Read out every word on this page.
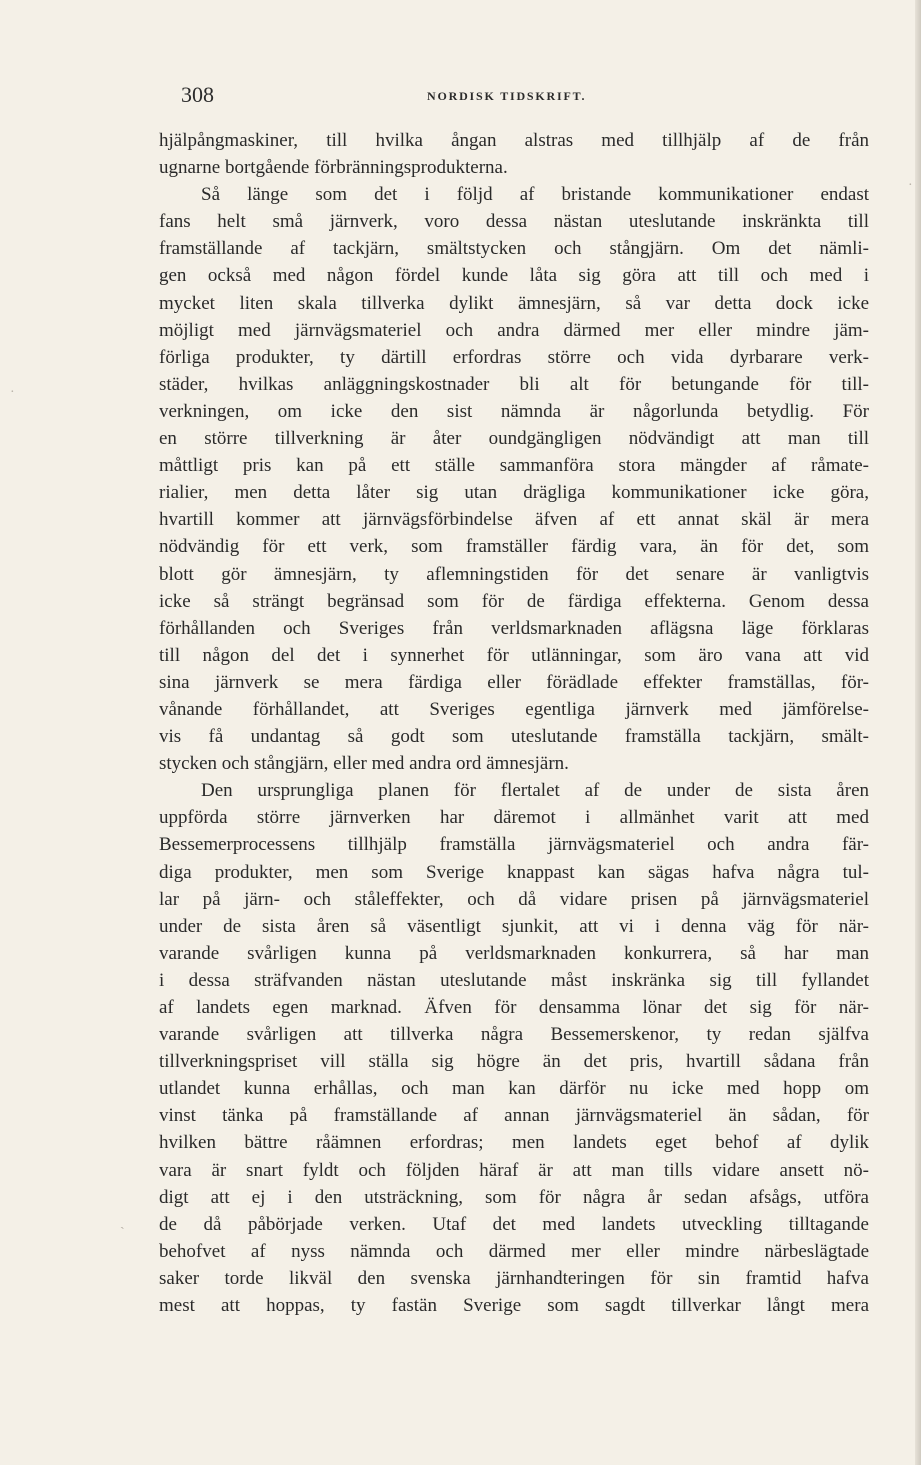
308	NORDISK TIDSKRIFT.
hjälpångmaskiner, till hvilka ångan alstras med tillhjälp af de från
ugnarne bortgående förbränningsprodukterna.
Så länge som det i följd af bristande kommunikationer endast
fans helt små järnverk, voro dessa nästan uteslutande inskränkta till
framställande af tackjärn, smältstycken och stångjärn. Om det nämli-
gen också med någon fördel kunde låta sig göra att till och med i
mycket liten skala tillverka dylikt ämnesjärn, så var detta dock icke
möjligt med järnvägsmateriel och andra därmed mer eller mindre jäm-
förliga produkter, ty därtill erfordras större och vida dyrbarare verk-
städer, hvilkas anläggningskostnader bli alt för betungande för till-
verkningen, om icke den sist nämnda är någorlunda betydlig. För
en större tillverkning är åter oundgängligen nödvändigt att man till
måttligt pris kan på ett ställe sammanföra stora mängder af råmate-
rialier, men detta låter sig utan drägliga kommunikationer icke göra,
hvartill kommer att järnvägsförbindelse äfven af ett annat skäl är mera
nödvändig för ett verk, som framställer färdig vara, än för det, som
blott gör ämnesjärn, ty aflemningstiden för det senare är vanligtvis
icke så strängt begränsad som för de färdiga effekterna. Genom dessa
förhållanden och Sveriges från verldsmarknaden aflägsna läge förklaras
till någon del det i synnerhet för utlänningar, som äro vana att vid
sina järnverk se mera färdiga eller förädlade effekter framställas, för-
vånande förhållandet, att Sveriges egentliga järnverk med jämförelse-
vis få undantag så godt som uteslutande framställa tackjärn, smält-
stycken och stångjärn, eller med andra ord ämnesjärn.
Den ursprungliga planen för flertalet af de under de sista åren
uppförda större järnverken har däremot i allmänhet varit att med
Bessemerprocessens tillhjälp framställa järnvägsmateriel och andra fär-
diga produkter, men som Sverige knappast kan sägas hafva några tul-
lar på järn- och stålеffekter, och då vidare prisen på järnvägsmateriel
under de sista åren så väsentligt sjunkit, att vi i denna väg för när-
varande svårligen kunna på verldsmarknaden konkurrera, så har man
i dessa sträfvanden nästan uteslutande måst inskränka sig till fyllandet
af landets egen marknad. Äfven för densamma lönar det sig för när-
varande svårligen att tillverka några Bessemerskenor, ty redan själfva
tillverkningspriset vill ställa sig högre än det pris, hvartill sådana från
utlandet kunna erhållas, och man kan därför nu icke med hopp om
vinst tänka på framställande af annan järnvägsmateriel än sådan, för
hvilken bättre råämnen erfordras; men landets eget behof af dylik
vara är snart fyldt och följden häraf är att man tills vidare ansett nö-
digt att ej i den utsträckning, som för några år sedan afsågs, utföra
de då påbörjade verken. Utaf det med landets utveckling tilltagande
behofvet af nyss nämnda och därmed mer eller mindre närbeslägtade
saker torde likväl den svenska järnhandteringen för sin framtid hafva
mest att hoppas, ty fastän Sverige som sagdt tillverkar långt mera
·
·
ˏ
